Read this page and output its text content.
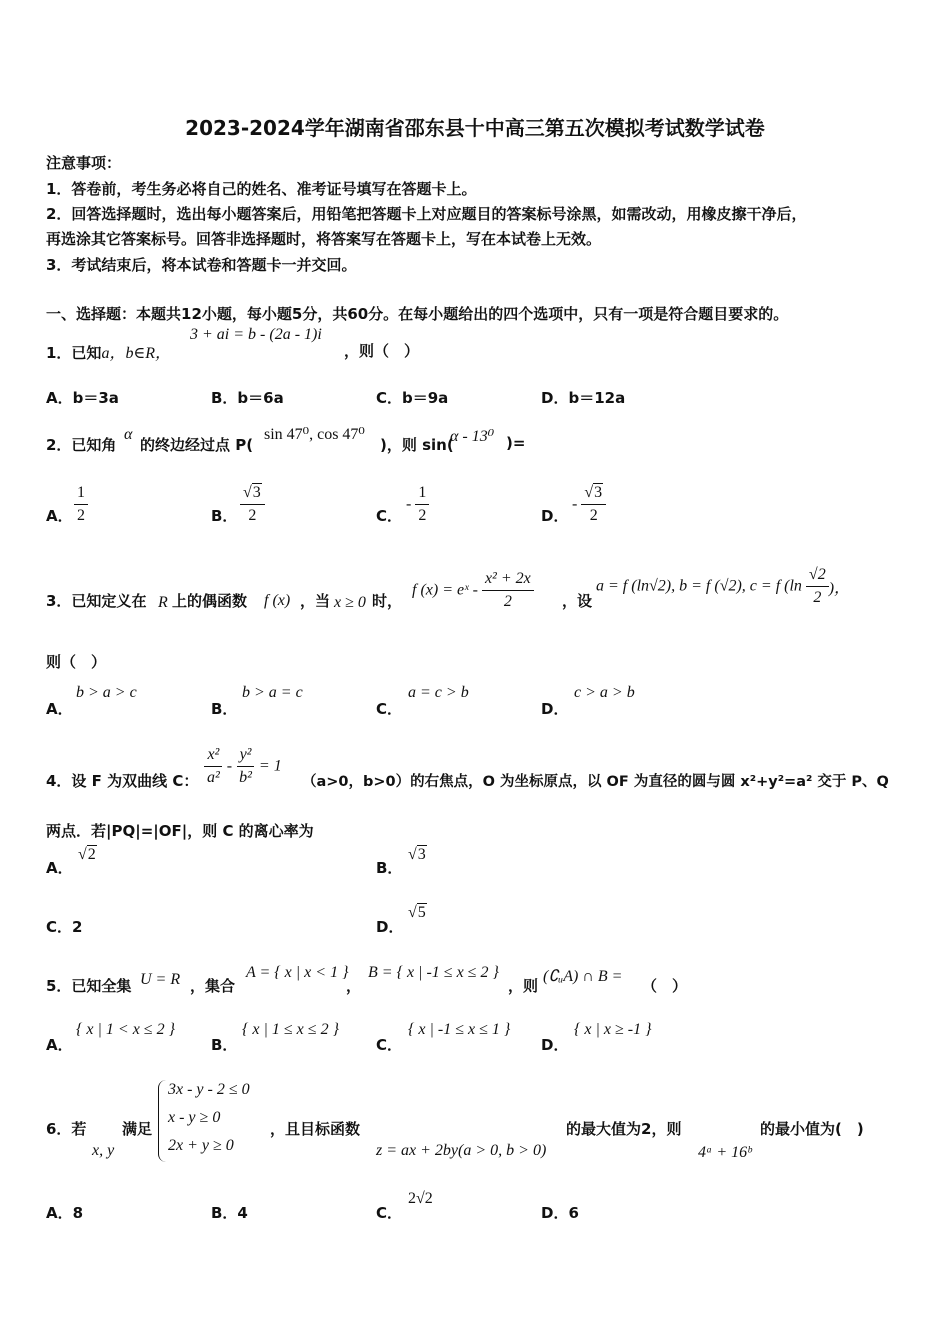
2023-2024学年湖南省邵东县十中高三第五次模拟考试数学试卷
注意事项：
1．答卷前，考生务必将自己的姓名、准考证号填写在答题卡上。
2．回答选择题时，选出每小题答案后，用铅笔把答题卡上对应题目的答案标号涂黑，如需改动，用橡皮擦干净后，
再选涂其它答案标号。回答非选择题时，将答案写在答题卡上，写在本试卷上无效。
3．考试结束后，将本试卷和答题卡一并交回。
一、选择题：本题共12小题，每小题5分，共60分。在每小题给出的四个选项中，只有一项是符合题目要求的。
1．已知a，b∈R，
3 + ai = b - (2a - 1)i
，则（　）
A．b＝3a	B．b＝6a	C．b＝9a	D．b＝12a
2．已知角
α
的终边经过点 P(
sin 47⁰, cos 47⁰
)，则 sin(
α - 13⁰ )=
A． $\frac{1}{2}$	B． $\frac{√3}{2}$	C．
- $\frac{1}{2}$	D．
- $\frac{√3}{2}$
3．已知定义在 R 上的偶函数 f (x) ，当 x ≥ 0 时，
f (x) = eˣ - $\frac{\text{x² + 2x}}{2}$ ，设
a = f (ln√2), b = f (√2), c = f ($\ln \frac{√2}{2}$ )，
则（　）
A．
b > a > c
B．
b > a = c
C．
a = c > b
D．
c > a > b
4．设 F 为双曲线 C： $\frac{\text{x²}}{\text{a²}} - \frac{\text{y²}}{\text{b²}} = 1$
（a>0，b>0）的右焦点，O 为坐标原点，以 OF 为直径的圆与圆 x²+y²=a² 交于 P、Q
两点．若|PQ|=|OF|，则 C 的离心率为
A．
√2
B．
√3
C．2	D．
√5
5．已知全集 U = R ，集合
A = { x | x < 1 }
，
B = { x | -1 ≤ x ≤ 2 }
，则
(∁ᵤA) ∩ B =
（　）
A．
{ x | 1 < x ≤ 2 }
B．
{ x | 1 ≤ x ≤ 2 }
C．
{ x | -1 ≤ x ≤ 1 }
D．
{ x | x ≥ -1 }
6．若
x, y
满足
3x - y - 2 ≤ 0
x - y ≥ 0
2x + y ≥ 0
，且目标函数
z = ax + 2by(a > 0, b > 0)
的最大值为2，则
4ᵃ + 16ᵇ
的最小值为(　)
A．8	B．4	C．
2√2
D．6
